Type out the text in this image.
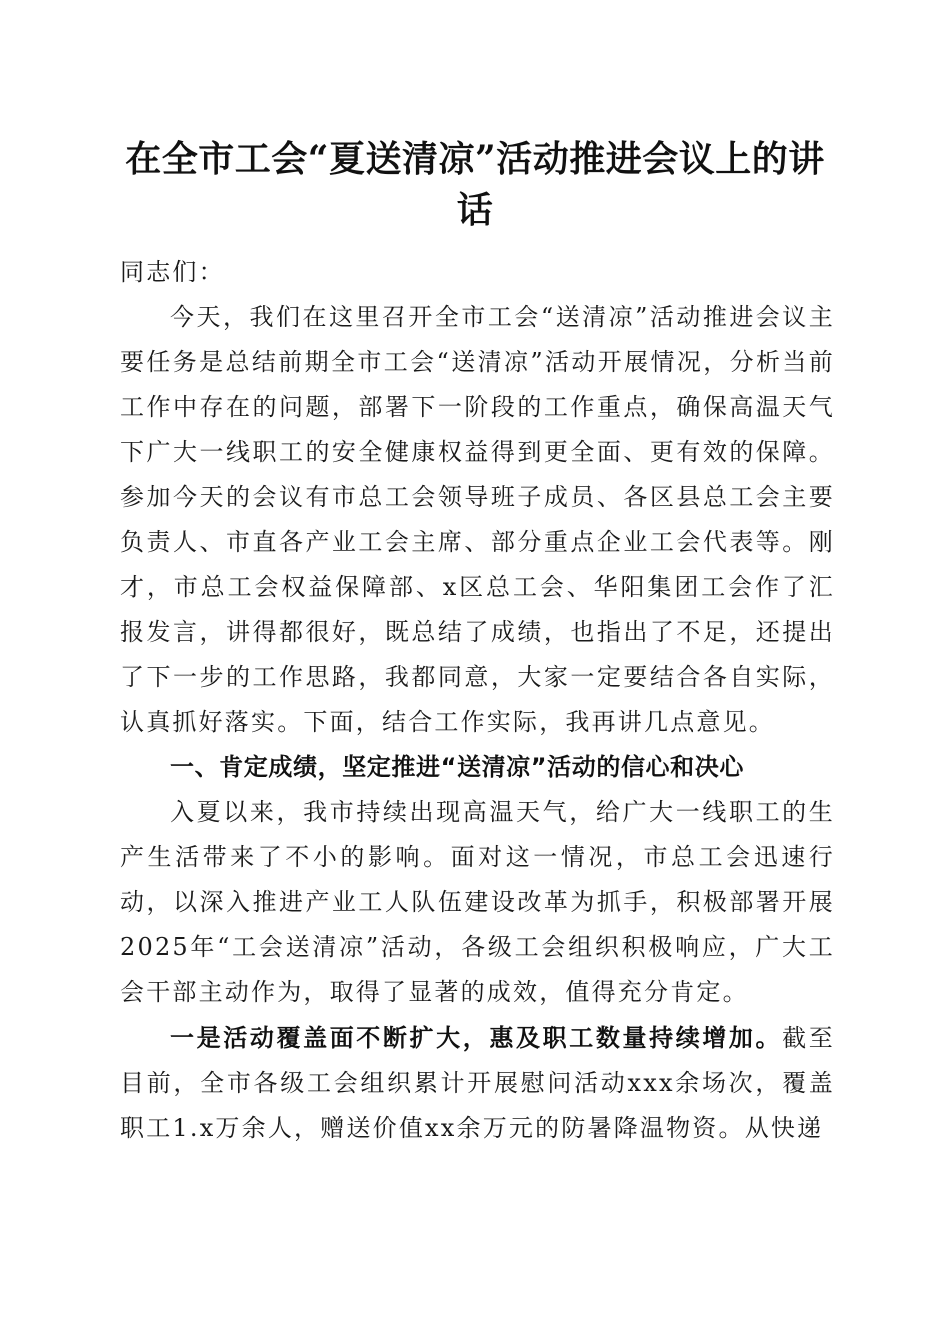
在全市工会“夏送清凉”活动推进会议上的讲话

同志们：

今天，我们在这里召开全市工会“送清凉”活动推进会议主要任务是总结前期全市工会“送清凉”活动开展情况，分析当前工作中存在的问题，部署下一阶段的工作重点，确保高温天气下广大一线职工的安全健康权益得到更全面、更有效的保障。参加今天的会议有市总工会领导班子成员、各区县总工会主要负责人、市直各产业工会主席、部分重点企业工会代表等。刚才，市总工会权益保障部、x区总工会、华阳集团工会作了汇报发言，讲得都很好，既总结了成绩，也指出了不足，还提出了下一步的工作思路，我都同意，大家一定要结合各自实际，认真抓好落实。下面，结合工作实际，我再讲几点意见。

一、肯定成绩，坚定推进“送清凉”活动的信心和决心

入夏以来，我市持续出现高温天气，给广大一线职工的生产生活带来了不小的影响。面对这一情况，市总工会迅速行动，以深入推进产业工人队伍建设改革为抓手，积极部署开展2025年“工会送清凉”活动，各级工会组织积极响应，广大工会干部主动作为，取得了显著的成效，值得充分肯定。

一是活动覆盖面不断扩大，惠及职工数量持续增加。截至目前，全市各级工会组织累计开展慰问活动xxx余场次，覆盖职工1.x万余人，赠送价值xx余万元的防暑降温物资。从快递
